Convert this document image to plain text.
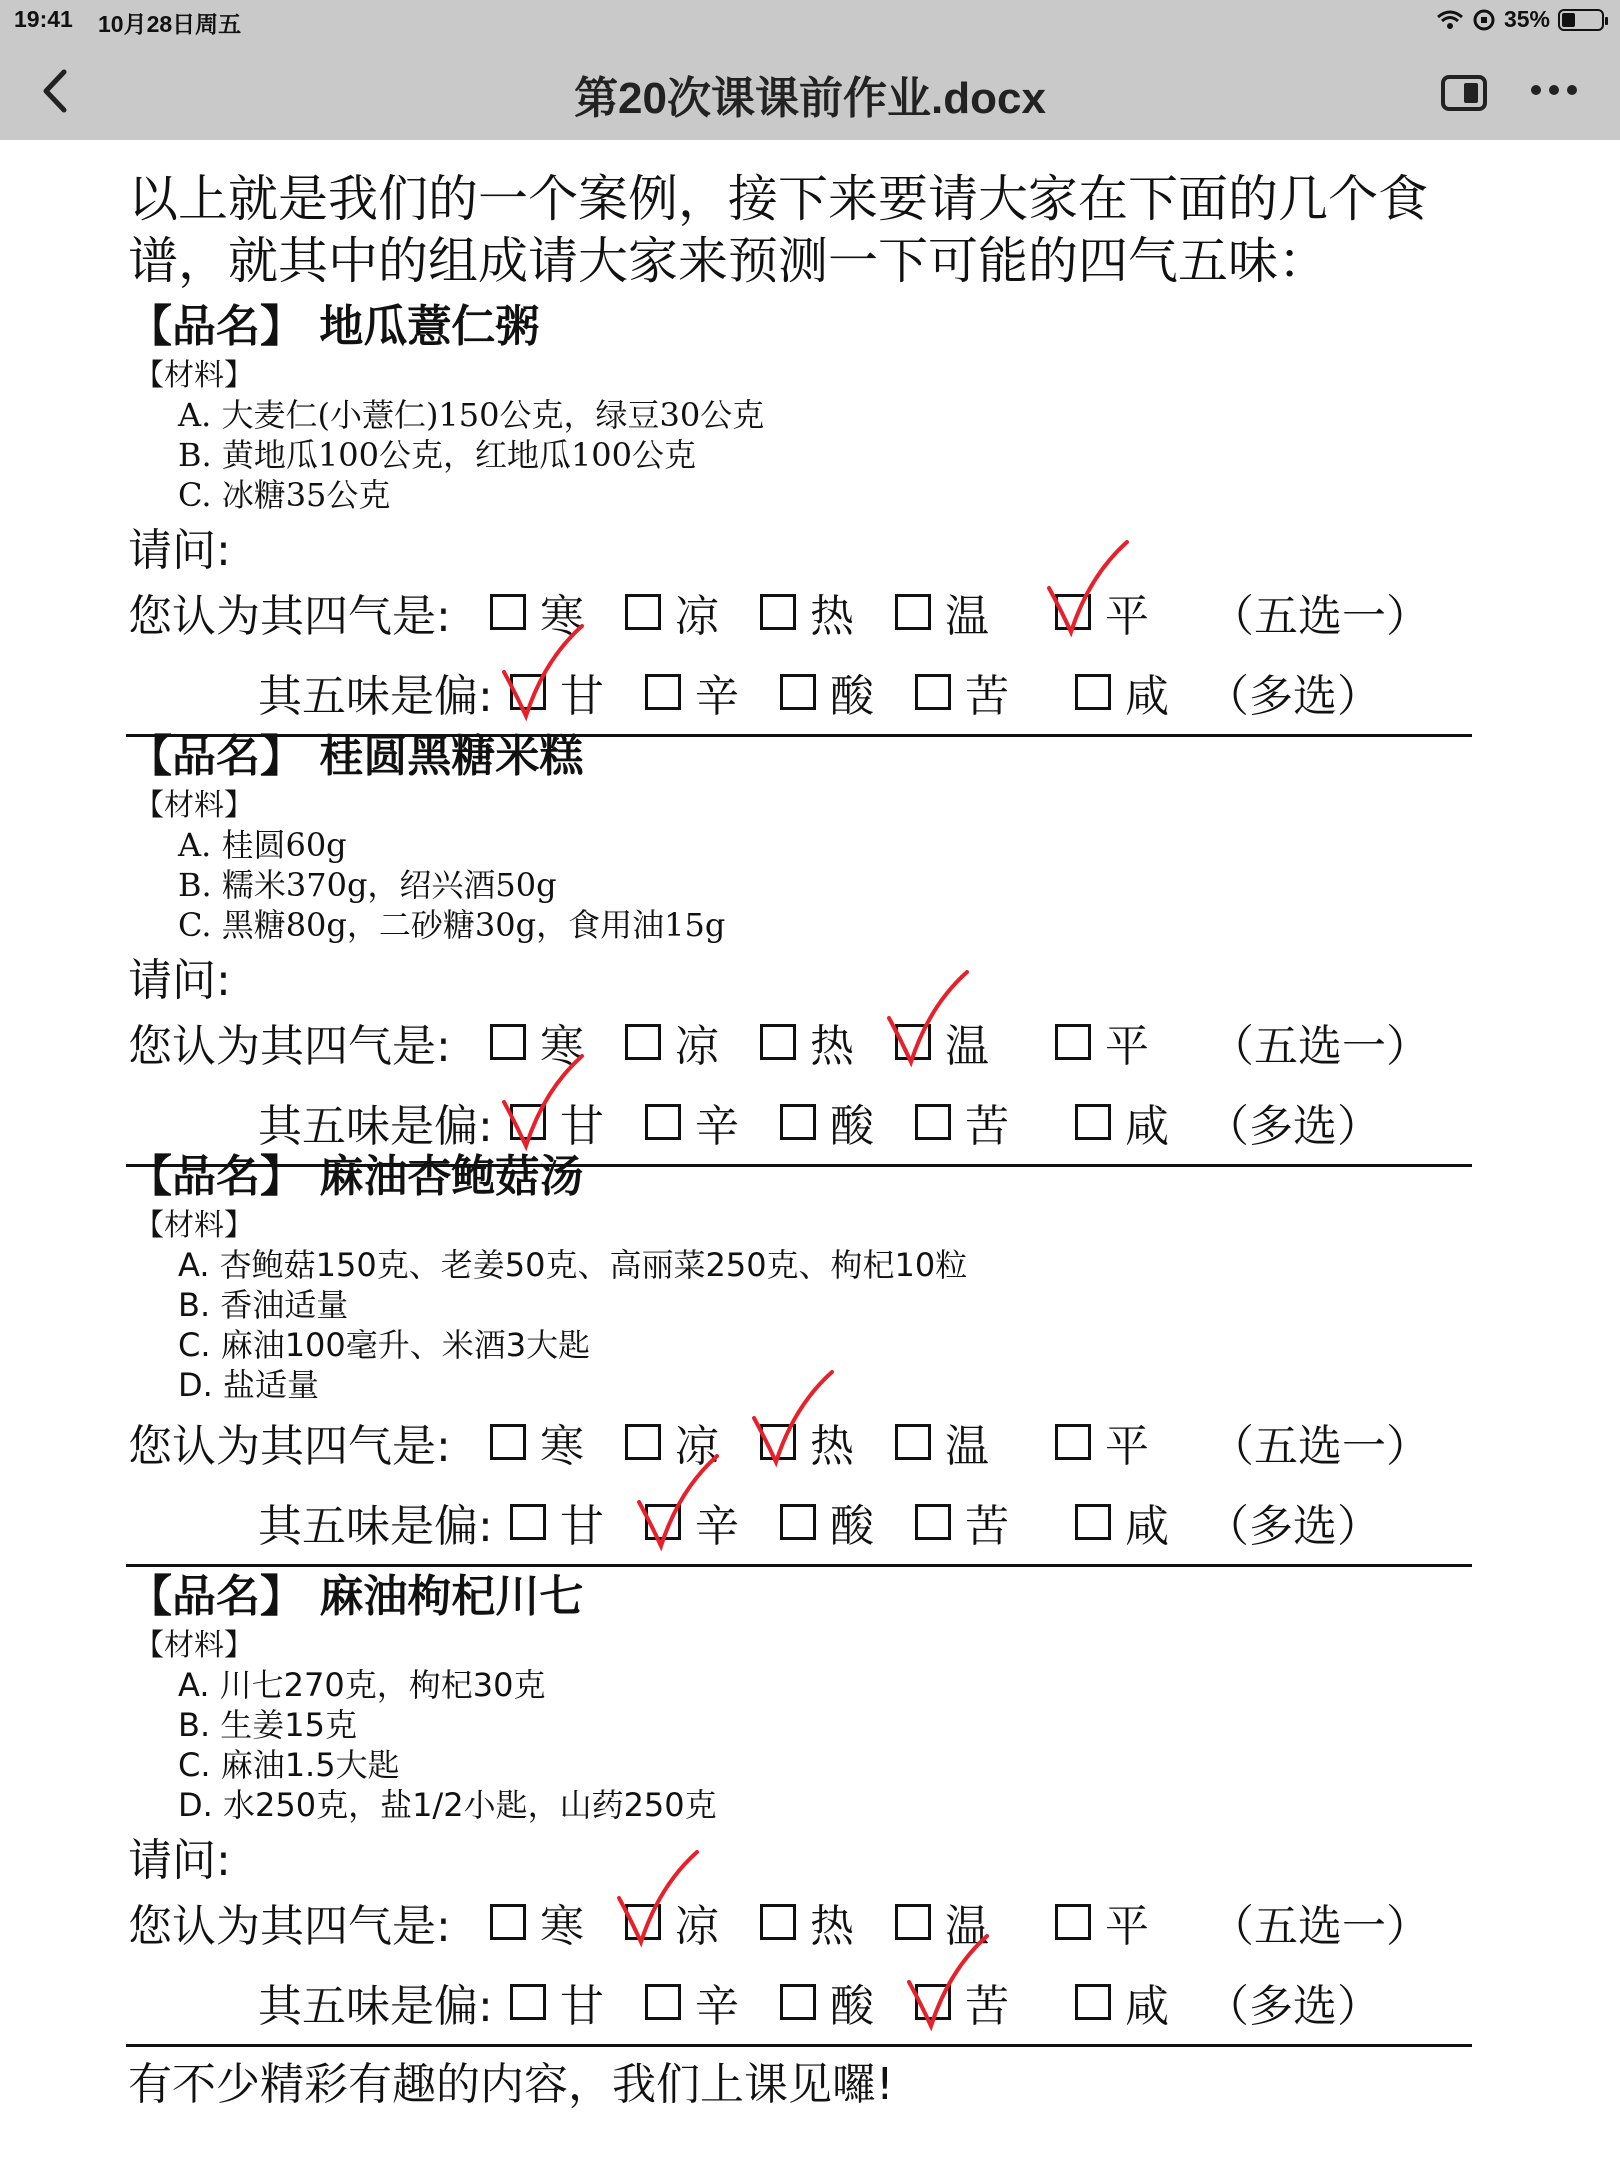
19:41 10月28日周五	35%
第20次课课前作业.docx
以上就是我们的一个案例，接下来要请大家在下面的几个食
谱，就其中的组成请大家来预测一下可能的四气五味：
【品名】 地瓜薏仁粥
【材料】
A. 大麦仁(小薏仁)150公克，绿豆30公克
B. 黄地瓜100公克，红地瓜100公克
C. 冰糖35公克
请问:
您认为其四气是: 寒 凉 热 温	平 （五选一）
其五味是偏: 甘 辛 酸 苦	咸 （多选）
【品名】 桂圆黑糖米糕
【材料】
A. 桂圆60g
B. 糯米370g，绍兴酒50g
C. 黑糖80g，二砂糖30g，食用油15g
请问:
您认为其四气是: 寒 凉 热 温	平 （五选一）
其五味是偏: 甘 辛 酸 苦	咸 （多选）
【品名】 麻油杏鲍菇汤
【材料】
A. 杏鲍菇150克、老姜50克、高丽菜250克、枸杞10粒
B. 香油适量
C. 麻油100毫升、米酒3大匙
D. 盐适量
您认为其四气是: 寒 凉 热 温	平 （五选一）
其五味是偏: 甘 辛 酸 苦	咸 （多选）
【品名】 麻油枸杞川七
【材料】
A. 川七270克，枸杞30克
B. 生姜15克
C. 麻油1.5大匙
D. 水250克，盐1/2小匙，山药250克
请问:
您认为其四气是: 寒 凉 热 温	平 （五选一）
其五味是偏: 甘 辛 酸 苦	咸 （多选）
有不少精彩有趣的内容，我们上课见囉!
